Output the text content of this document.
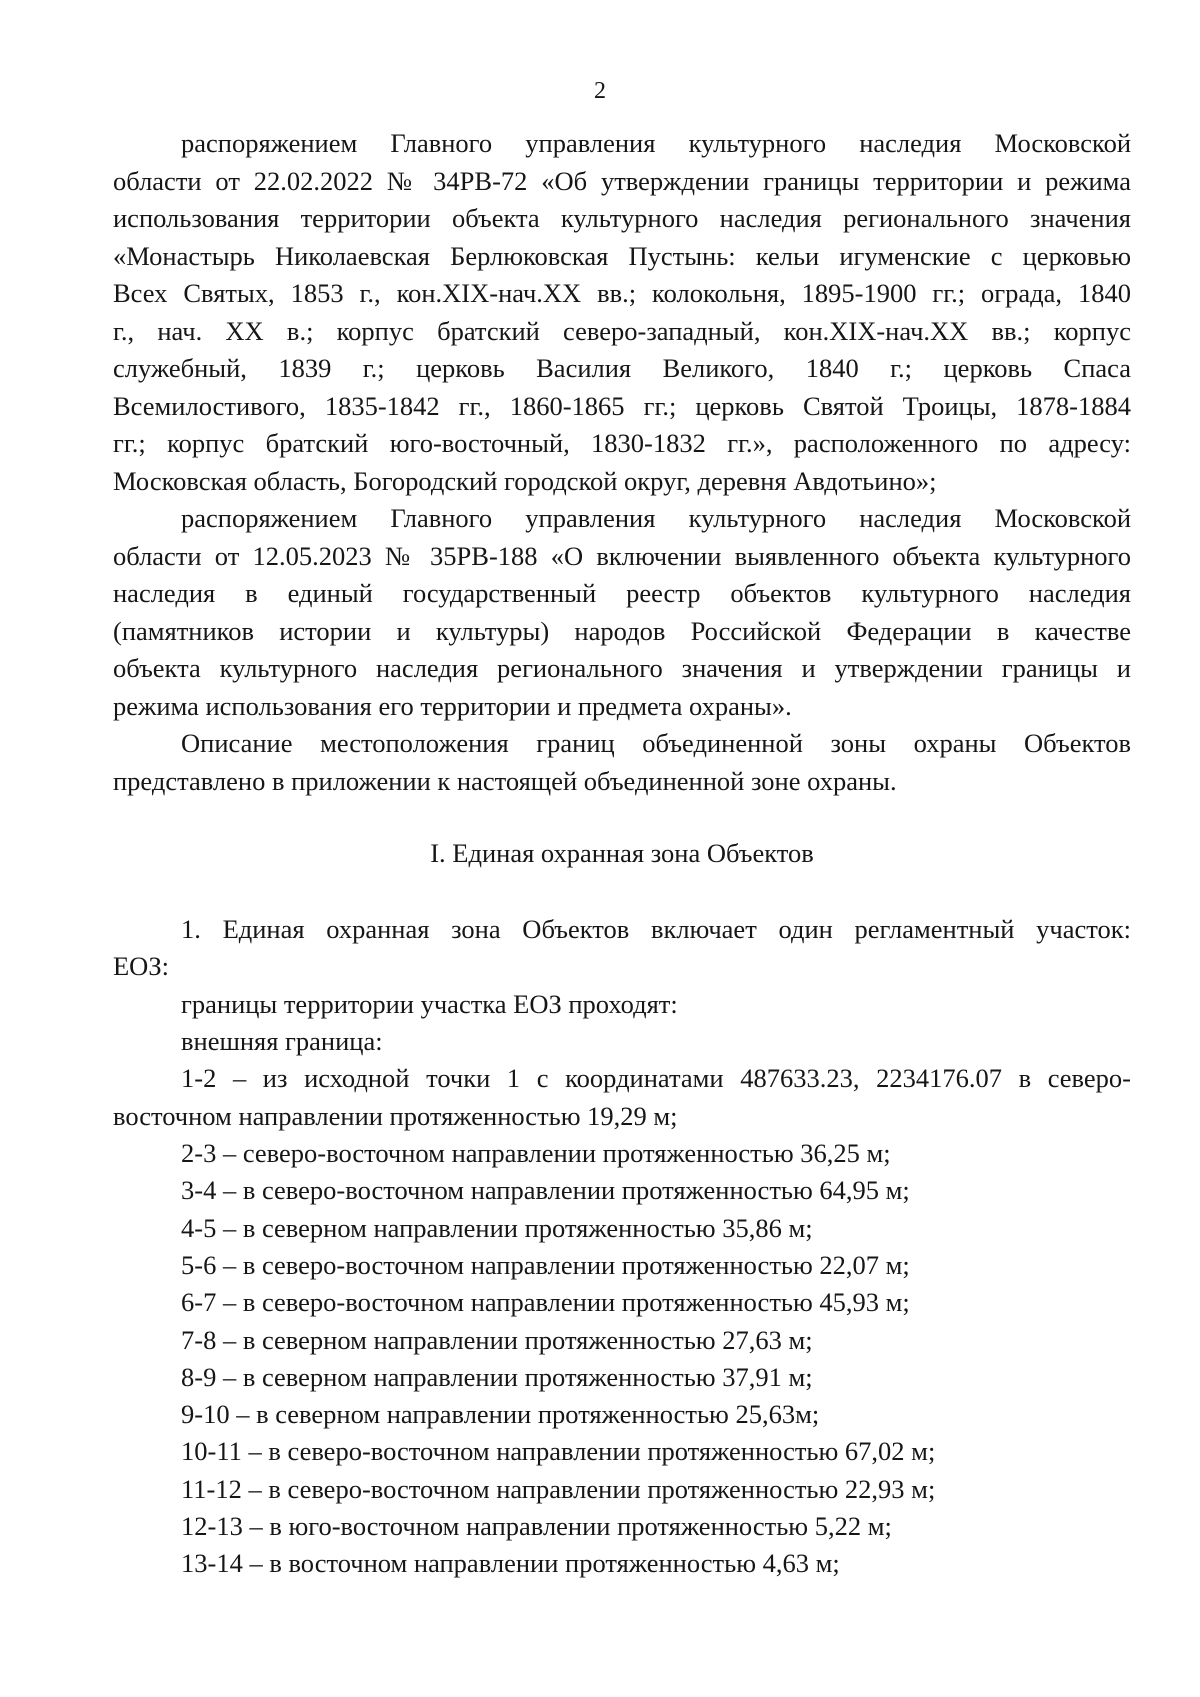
2

распоряжением Главного управления культурного наследия Московской
области от 22.02.2022 № 34РВ-72 «Об утверждении границы территории и режима
использования территории объекта культурного наследия регионального значения
«Монастырь Николаевская Берлюковская Пустынь: кельи игуменские с церковью
Всех Святых, 1853 г., кон.XIX-нач.XX вв.; колокольня, 1895-1900 гг.; ограда, 1840
г., нач. XX в.; корпус братский северо-западный, кон.XIX-нач.XX вв.; корпус
служебный, 1839 г.; церковь Василия Великого, 1840 г.; церковь Спаса
Всемилостивого, 1835-1842 гг., 1860-1865 гг.; церковь Святой Троицы, 1878-1884
гг.; корпус братский юго-восточный, 1830-1832 гг.», расположенного по адресу:
Московская область, Богородский городской округ, деревня Авдотьино»;

распоряжением Главного управления культурного наследия Московской
области от 12.05.2023 № 35РВ-188 «О включении выявленного объекта культурного
наследия в единый государственный реестр объектов культурного наследия
(памятников истории и культуры) народов Российской Федерации в качестве
объекта культурного наследия регионального значения и утверждении границы и
режима использования его территории и предмета охраны».

Описание местоположения границ объединенной зоны охраны Объектов
представлено в приложении к настоящей объединенной зоне охраны.

I. Единая охранная зона Объектов

1. Единая охранная зона Объектов включает один регламентный участок:
ЕОЗ:

границы территории участка ЕОЗ проходят:

внешняя граница:

1-2 – из исходной точки 1 с координатами 487633.23, 2234176.07 в северо-
восточном направлении протяженностью 19,29 м;

2-3 – северо-восточном направлении протяженностью 36,25 м;

3-4 – в северо-восточном направлении протяженностью 64,95 м;

4-5 – в северном направлении протяженностью 35,86 м;

5-6 – в северо-восточном направлении протяженностью 22,07 м;

6-7 – в северо-восточном направлении протяженностью 45,93 м;

7-8 – в северном направлении протяженностью 27,63 м;

8-9 – в северном направлении протяженностью 37,91 м;

9-10 – в северном направлении протяженностью 25,63м;

10-11 – в северо-восточном направлении протяженностью 67,02 м;

11-12 – в северо-восточном направлении протяженностью 22,93 м;

12-13 – в юго-восточном направлении протяженностью 5,22 м;

13-14 – в восточном направлении протяженностью 4,63 м;
